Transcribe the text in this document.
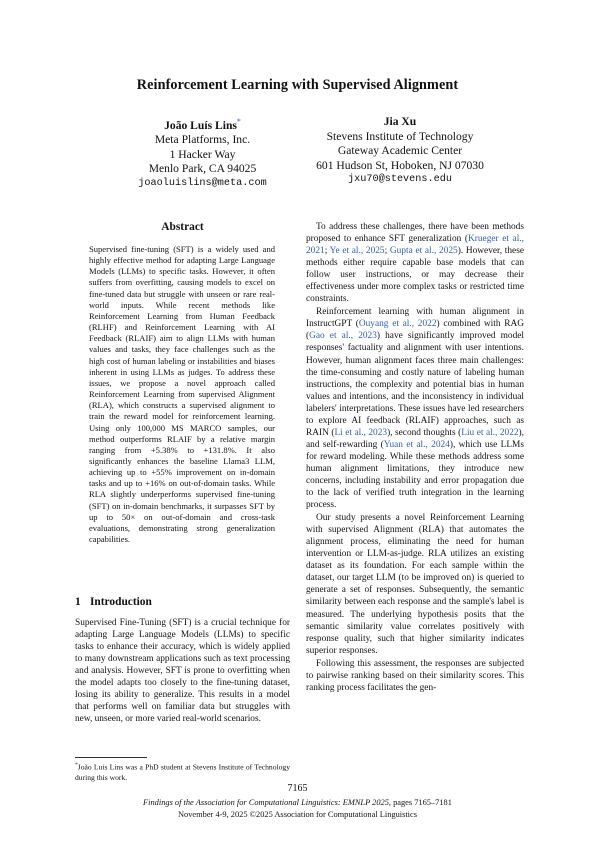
Reinforcement Learning with Supervised Alignment
João Luís Lins*
Meta Platforms, Inc.
1 Hacker Way
Menlo Park, CA 94025
joaoluislins@meta.com
Jia Xu
Stevens Institute of Technology
Gateway Academic Center
601 Hudson St, Hoboken, NJ 07030
jxu70@stevens.edu
Abstract
Supervised fine-tuning (SFT) is a widely used and highly effective method for adapting Large Language Models (LLMs) to specific tasks. However, it often suffers from overfitting, causing models to excel on fine-tuned data but struggle with unseen or rare real-world inputs. While recent methods like Reinforcement Learning from Human Feedback (RLHF) and Reinforcement Learning with AI Feedback (RLAIF) aim to align LLMs with human values and tasks, they face challenges such as the high cost of human labeling or instabilities and biases inherent in using LLMs as judges. To address these issues, we propose a novel approach called Reinforcement Learning from supervised Alignment (RLA), which constructs a supervised alignment to train the reward model for reinforcement learning. Using only 100,000 MS MARCO samples, our method outperforms RLAIF by a relative margin ranging from +5.38% to +131.8%. It also significantly enhances the baseline Llama3 LLM, achieving up to +55% improvement on in-domain tasks and up to +16% on out-of-domain tasks. While RLA slightly underperforms supervised fine-tuning (SFT) on in-domain benchmarks, it surpasses SFT by up to 50× on out-of-domain and cross-task evaluations, demonstrating strong generalization capabilities.
1 Introduction
Supervised Fine-Tuning (SFT) is a crucial technique for adapting Large Language Models (LLMs) to specific tasks to enhance their accuracy, which is widely applied to many downstream applications such as text processing and analysis. However, SFT is prone to overfitting when the model adapts too closely to the fine-tuning dataset, losing its ability to generalize. This results in a model that performs well on familiar data but struggles with new, unseen, or more varied real-world scenarios.

To address these challenges, there have been methods proposed to enhance SFT generalization (Krueger et al., 2021; Ye et al., 2025; Gupta et al., 2025). However, these methods either require capable base models that can follow user instructions, or may decrease their effectiveness under more complex tasks or restricted time constraints.

Reinforcement learning with human alignment in InstructGPT (Ouyang et al., 2022) combined with RAG (Gao et al., 2023) have significantly improved model responses' factuality and alignment with user intentions. However, human alignment faces three main challenges: the time-consuming and costly nature of labeling human instructions, the complexity and potential bias in human values and intentions, and the inconsistency in individual labelers' interpretations. These issues have led researchers to explore AI feedback (RLAIF) approaches, such as RAIN (Li et al., 2023), second thoughts (Liu et al., 2022), and self-rewarding (Yuan et al., 2024), which use LLMs for reward modeling. While these methods address some human alignment limitations, they introduce new concerns, including instability and error propagation due to the lack of verified truth integration in the learning process.

Our study presents a novel Reinforcement Learning with supervised Alignment (RLA) that automates the alignment process, eliminating the need for human intervention or LLM-as-judge. RLA utilizes an existing dataset as its foundation. For each sample within the dataset, our target LLM (to be improved on) is queried to generate a set of responses. Subsequently, the semantic similarity between each response and the sample's label is measured. The underlying hypothesis posits that the semantic similarity value correlates positively with response quality, such that higher similarity indicates superior responses.

Following this assessment, the responses are subjected to pairwise ranking based on their similarity scores. This ranking process facilitates the gen-

*João Luís Lins was a PhD student at Stevens Institute of Technology during this work.
7165
Findings of the Association for Computational Linguistics: EMNLP 2025, pages 7165–7181
November 4-9, 2025 ©2025 Association for Computational Linguistics
